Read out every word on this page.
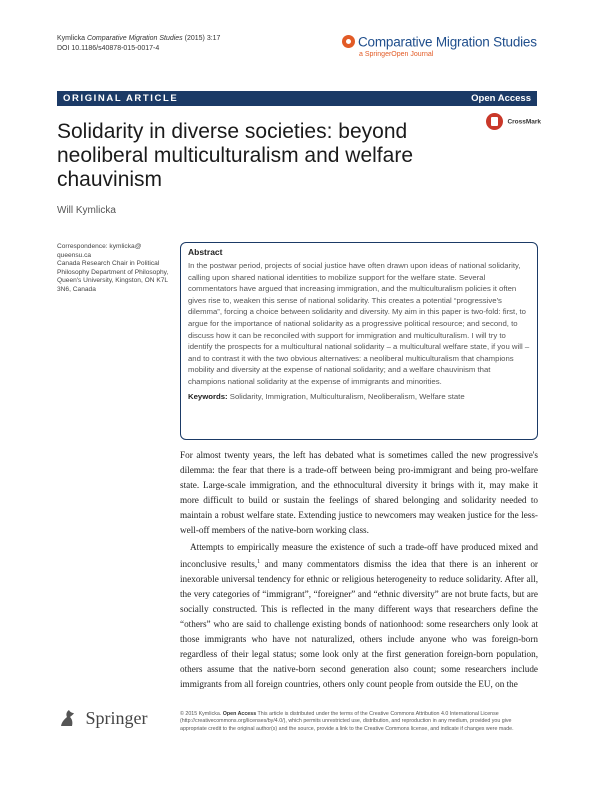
Kymlicka Comparative Migration Studies (2015) 3:17
DOI 10.1186/s40878-015-0017-4	Comparative Migration Studies
a SpringerOpen Journal
ORIGINAL ARTICLE	Open Access
Solidarity in diverse societies: beyond neoliberal multiculturalism and welfare chauvinism
CrossMark
Will Kymlicka
Correspondence: kymlicka@ queensu.ca
Canada Research Chair in Political Philosophy Department of Philosophy, Queen's University, Kingston, ON K7L 3N6, Canada
Abstract
In the postwar period, projects of social justice have often drawn upon ideas of national solidarity, calling upon shared national identities to mobilize support for the welfare state. Several commentators have argued that increasing immigration, and the multiculturalism policies it often gives rise to, weaken this sense of national solidarity. This creates a potential “progressive's dilemma”, forcing a choice between solidarity and diversity. My aim in this paper is two-fold: first, to argue for the importance of national solidarity as a progressive political resource; and second, to discuss how it can be reconciled with support for immigration and multiculturalism. I will try to identify the prospects for a multicultural national solidarity – a multicultural welfare state, if you will – and to contrast it with the two obvious alternatives: a neoliberal multiculturalism that champions mobility and diversity at the expense of national solidarity; and a welfare chauvinism that champions national solidarity at the expense of immigrants and minorities.
Keywords: Solidarity, Immigration, Multiculturalism, Neoliberalism, Welfare state

For almost twenty years, the left has debated what is sometimes called the new progressive's dilemma: the fear that there is a trade-off between being pro-immigrant and being pro-welfare state. Large-scale immigration, and the ethnocultural diversity it brings with it, may make it more difficult to build or sustain the feelings of shared belonging and solidarity needed to maintain a robust welfare state. Extending justice to newcomers may weaken justice for the less-well-off members of the native-born working class.

Attempts to empirically measure the existence of such a trade-off have produced mixed and inconclusive results,$^1$ and many commentators dismiss the idea that there is an inherent or inexorable universal tendency for ethnic or religious heterogeneity to reduce solidarity. After all, the very categories of “immigrant”, “foreigner” and “ethnic diversity” are not brute facts, but are socially constructed. This is reflected in the many different ways that researchers define the “others” who are said to challenge existing bonds of nationhood: some researchers only look at those immigrants who have not naturalized, others include anyone who was foreign-born regardless of their legal status; some look only at the first generation foreign-born population, others assume that the native-born second generation also count; some researchers include immigrants from all foreign countries, others only count people from outside the EU, on the

Springer	© 2015 Kymlicka. Open Access This article is distributed under the terms of the Creative Commons Attribution 4.0 International License (http://creativecommons.org/licenses/by/4.0/), which permits unrestricted use, distribution, and reproduction in any medium, provided you give appropriate credit to the original author(s) and the source, provide a link to the Creative Commons license, and indicate if changes were made.
